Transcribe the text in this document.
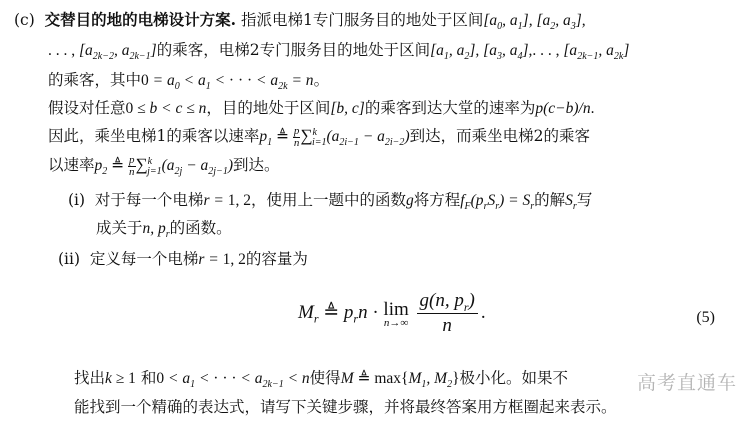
(c) 交替目的地的电梯设计方案. 指派电梯1专门服务目的地处于区间[$a_0$, $a_1$], [$a_2$, $a_3$],
. . . , [$a_{2k-2}$, $a_{2k-1}$]的乘客，电梯2专门服务目的地处于区间[$a_1$, $a_2$], [$a_3$, $a_4$],. . . , [$a_{2k-1}$, $a_{2k}$]
的乘客，其中$0 = a_0 < a_1$ < · · · < $a_{2k} = n$。
假设对任意0 ≤ b < c ≤ n，目的地处于区间[b, c]的乘客到达大堂的速率为p(c−b)/n.
因此，乘坐电梯1的乘客以速率$p_1$ ≜ $\frac{p}{n} \sum^k_{i=1}(a_{2i-1} - a_{2i-2})$到达，而乘坐电梯2的乘客
以速率$p_2$ ≜ $\frac{p}{n} \sum^k_{j=1}(a_{2j} - a_{2j-1})$到达。
(i) 对于每一个电梯r = 1, 2，使用上一题中的函数g将方程$f_F(p_rS_r) = S_r$的解$S_r$写
成关于n, $p_r$的函数。
(ii) 定义每一个电梯r = 1, 2的容量为
$M_r$ ≜ $p_rn \cdot \lim$
n→∞
$\frac{g(n, p_r)}{n}$ .	(5)
找出k ≥ 1 和$0 < a_1$ < · · · < $a_{2k-1} < n$使得M ≜ $\max\{M_1$, $M_2$}极小化。如果不
能找到一个精确的表达式，请写下关键步骤，并将最终答案用方框圈起来表示。
高考直通车
